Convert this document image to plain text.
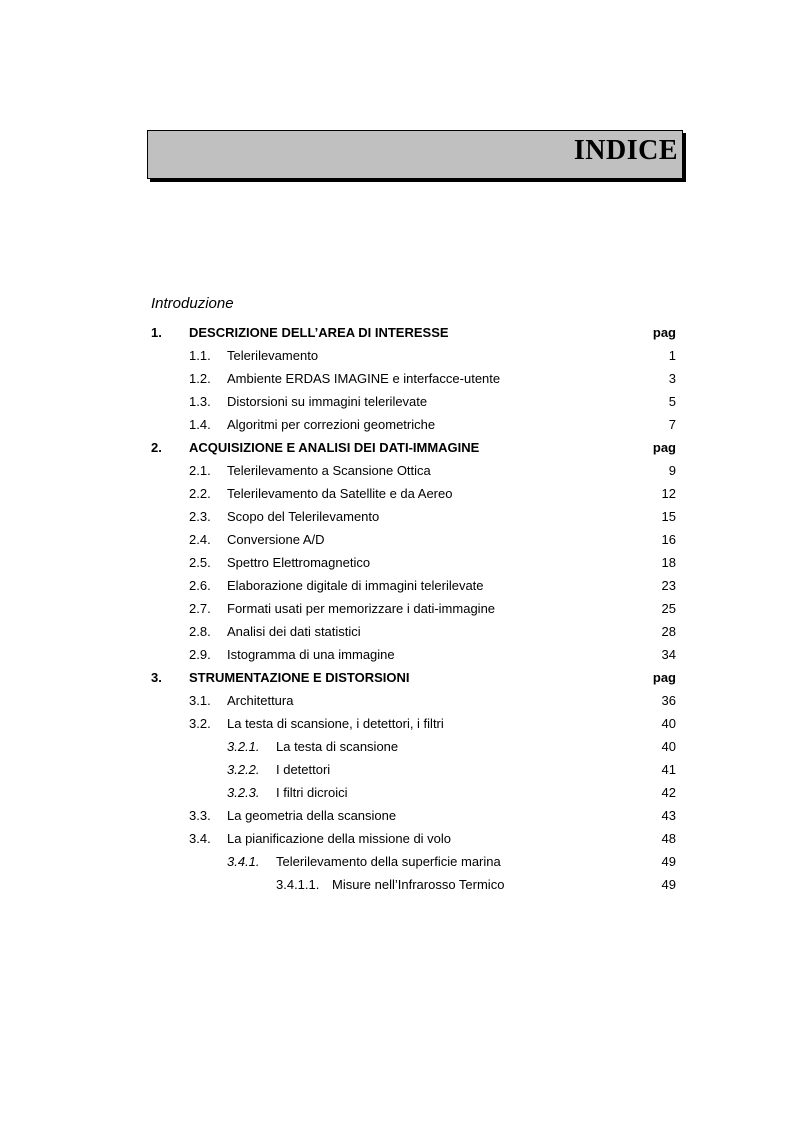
INDICE
Introduzione
1. DESCRIZIONE DELL’AREA DI INTERESSE	pag
1.1. Telerilevamento	1
1.2. Ambiente ERDAS IMAGINE e interfacce-utente	3
1.3. Distorsioni su immagini telerilevate	5
1.4. Algoritmi per correzioni geometriche	7
2. ACQUISIZIONE E ANALISI DEI DATI-IMMAGINE	pag
2.1. Telerilevamento a Scansione Ottica	9
2.2. Telerilevamento da Satellite e da Aereo	12
2.3. Scopo del Telerilevamento	15
2.4. Conversione A/D	16
2.5. Spettro Elettromagnetico	18
2.6. Elaborazione digitale di immagini telerilevate	23
2.7. Formati usati per memorizzare i dati-immagine	25
2.8. Analisi dei dati statistici	28
2.9. Istogramma di una immagine	34
3. STRUMENTAZIONE E DISTORSIONI	pag
3.1. Architettura	36
3.2. La testa di scansione, i detettori, i filtri	40
3.2.1. La testa di scansione	40
3.2.2. I detettori	41
3.2.3. I filtri dicroici	42
3.3. La geometria della scansione	43
3.4. La pianificazione della missione di volo	48
3.4.1. Telerilevamento della superficie marina	49
3.4.1.1. Misure nell’Infrarosso Termico	49
